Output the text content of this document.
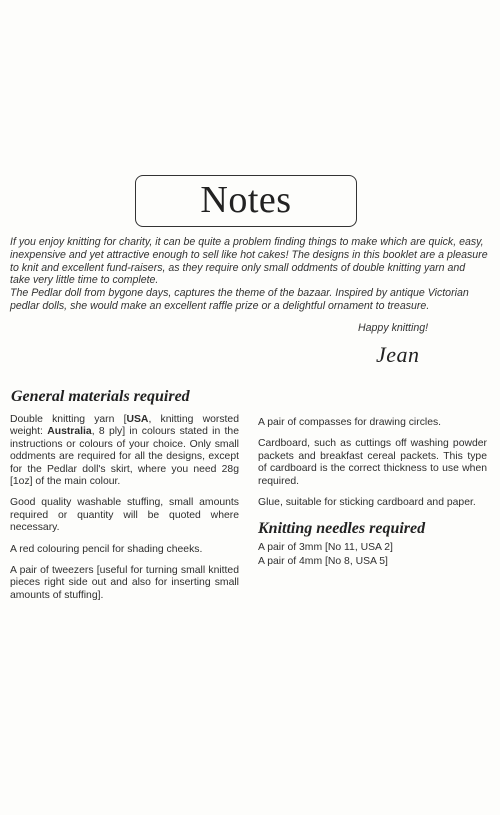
Notes

If you enjoy knitting for charity, it can be quite a problem finding things to make which are quick, easy, inexpensive and yet attractive enough to sell like hot cakes! The designs in this booklet are a pleasure to knit and excellent fund-raisers, as they require only small oddments of double knitting yarn and take very little time to complete.

The Pedlar doll from bygone days, captures the theme of the bazaar. Inspired by antique Victorian pedlar dolls, she would make an excellent raffle prize or a delightful ornament to treasure.

Happy knitting!
Jean
General materials required

Double knitting yarn [USA, knitting worsted weight: Australia, 8 ply] in colours stated in the instructions or colours of your choice. Only small oddments are required for all the designs, except for the Pedlar doll's skirt, where you need 28g [1oz] of the main colour.

Good quality washable stuffing, small amounts required or quantity will be quoted where necessary.

A red colouring pencil for shading cheeks.

A pair of tweezers [useful for turning small knitted pieces right side out and also for inserting small amounts of stuffing].

A pair of compasses for drawing circles.

Cardboard, such as cuttings off washing powder packets and breakfast cereal packets. This type of cardboard is the correct thickness to use when required.

Glue, suitable for sticking cardboard and paper.

Knitting needles required

A pair of 3mm [No 11, USA 2]

A pair of 4mm [No 8, USA 5]
